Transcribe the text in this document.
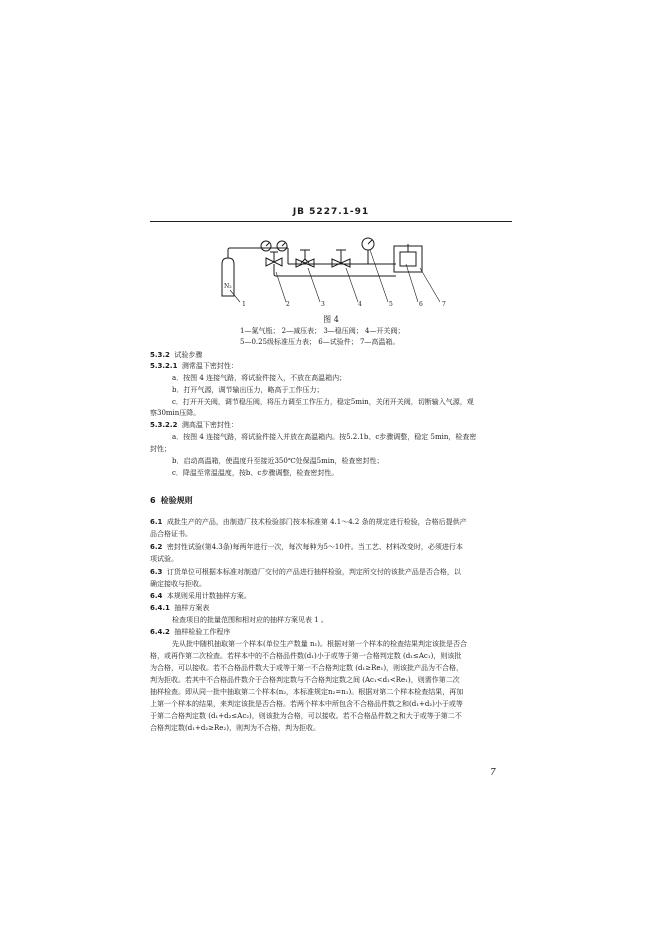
JB 5227.1-91
N₂
1	2	3	4	5	6	7
图 4
1—氮气瓶； 2—减压表； 3—稳压阀； 4—开关阀；
5—0.25级标准压力表； 6—试验件； 7—高温箱。
5.3.2 试验步骤
5.3.2.1 测常温下密封性：
a．按图 4 连接气路，将试验件接入，不放在高温箱内；
b．打开气源，调节输出压力，略高于工作压力；
c．打开开关阀，调节稳压阀，将压力调至工作压力，稳定5min，关闭开关阀，切断输入气源，观
察30min压降。
5.3.2.2 测高温下密封性：
a．按图 4 连接气路，将试验件接入并放在高温箱内。按5.2.1b、c步骤调整，稳定 5min，检查密
封性；
b．启动高温箱，使温度升至接近350℃处保温5min，检查密封性；
c．降温至常温温度，按b、c步骤调整，检查密封性。
6 检验规则
6.1 成批生产的产品，由制造厂技术检验部门按本标准第 4.1～4.2 条的规定进行检验，合格后提供产
品合格证书。
6.2 密封性试验(第4.3条)每两年进行一次，每次每种为5～10件。当工艺、材料改变时，必须进行本
项试验。
6.3 订货单位可根据本标准对制造厂交付的产品进行抽样检验，判定所交付的该批产品是否合格，以
确定接收与拒收。
6.4 本规则采用计数抽样方案。
6.4.1 抽样方案表
检查项目的批量范围和相对应的抽样方案见表 1 。
6.4.2 抽样检验工作程序
先从批中随机抽取第一个样本(单位生产数量 n₁)。根据对第一个样本的检查结果判定该批是否合
格，或再作第二次检查。若样本中的不合格品件数(d₁)小于或等于第一合格判定数 (d₁≤Ac₁)，则该批
为合格，可以接收。若不合格品件数大于或等于第一不合格判定数 (d₁≥Re₁)，则该批产品为不合格，
判为拒收。若其中不合格品件数介于合格判定数与不合格判定数之间 (Ac₁<d₁<Re₁)，则需作第二次
抽样检查。即从同一批中抽取第二个样本(n₂，本标准规定n₂=n₁)。根据对第二个样本检查结果，再加
上第一个样本的结果，来判定该批是否合格。若两个样本中所包含不合格品件数之和(d₁+d₂)小于或等
于第二合格判定数 (d₁+d₂≤Ac₂)，则该批为合格，可以接收。若不合格品件数之和大于或等于第二不
合格判定数(d₁+d₂≥Re₂)，则判为不合格，判为拒收。
7
